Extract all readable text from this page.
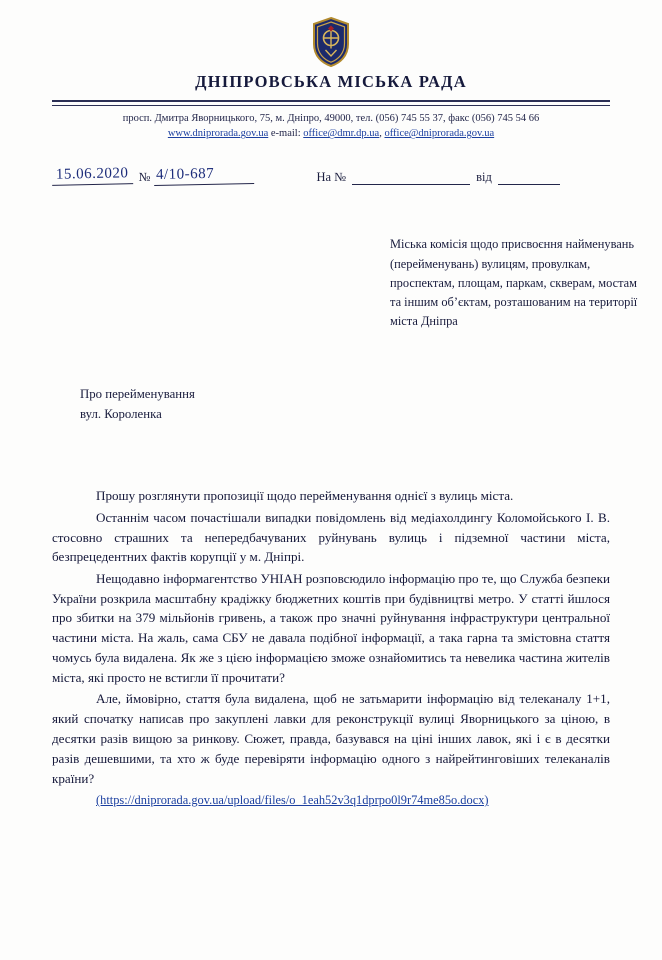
ДНІПРОВСЬКА МІСЬКА РАДА
просп. Дмитра Яворницького, 75, м. Дніпро, 49000, тел. (056) 745 55 37, факс (056) 745 54 66
www.dniprorada.gov.ua e-mail: office@dmr.dp.ua, office@dniprorada.gov.ua
15.06.2020 № 4/10-687	На №	від
Міська комісія щодо присвоєння найменувань (перейменувань) вулицям, провулкам, проспектам, площам, паркам, скверам, мостам та іншим об’єктам, розташованим на території міста Дніпра
Про перейменування
вул. Короленка

Прошу розглянути пропозиції щодо перейменування однієї з вулиць міста.

Останнім часом почастішали випадки повідомлень від медіахолдингу Коломойського І. В. стосовно страшних та непередбачуваних руйнувань вулиць і підземної частини міста, безпрецедентних фактів корупції у м. Дніпрі.

Нещодавно інформагентство УНІАН розповсюдило інформацію про те, що Служба безпеки України розкрила масштабну крадіжку бюджетних коштів при будівництві метро. У статті йшлося про збитки на 379 мільйонів гривень, а також про значні руйнування інфраструктури центральної частини міста. На жаль, сама СБУ не давала подібної інформації, а така гарна та змістовна стаття чомусь була видалена. Як же з цією інформацією зможе ознайомитись та невелика частина жителів міста, які просто не встигли її прочитати?

Але, ймовірно, стаття була видалена, щоб не затьмарити інформацію від телеканалу 1+1, який спочатку написав про закуплені лавки для реконструкції вулиці Яворницького за ціною, в десятки разів вищою за ринкову. Сюжет, правда, базувався на ціні інших лавок, які і є в десятки разів дешевшими, та хто ж буде перевіряти інформацію одного з найрейтинговіших телеканалів країни?

(https://dniprorada.gov.ua/upload/files/o_1eah52v3q1dprpo0l9r74me85o.docx)
